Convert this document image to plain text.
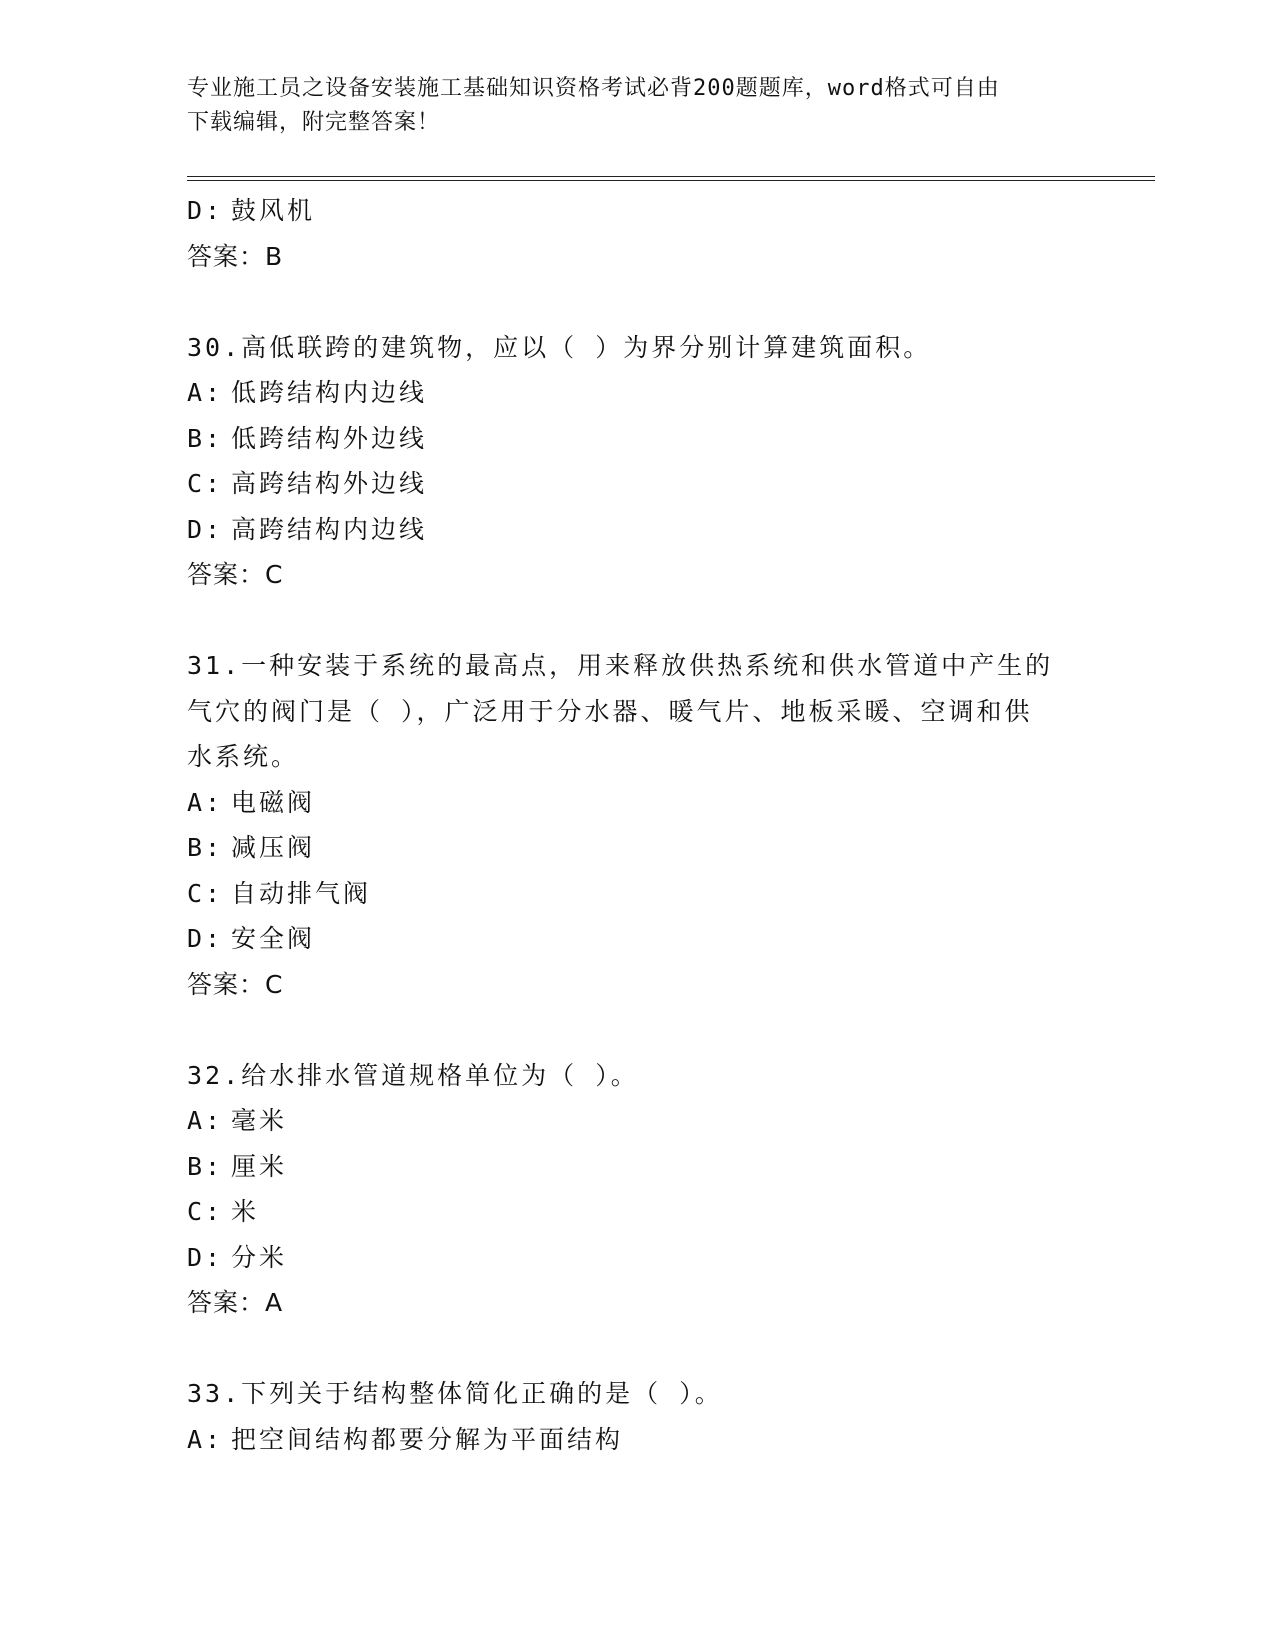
专业施工员之设备安装施工基础知识资格考试必背200题题库，word格式可自由
下载编辑，附完整答案！
D: 鼓风机
答案：B
30.高低联跨的建筑物，应以（ ）为界分别计算建筑面积。
A: 低跨结构内边线
B: 低跨结构外边线
C: 高跨结构外边线
D: 高跨结构内边线
答案：C
31.一种安装于系统的最高点，用来释放供热系统和供水管道中产生的
气穴的阀门是（ ），广泛用于分水器、暖气片、地板采暖、空调和供
水系统。
A: 电磁阀
B: 减压阀
C: 自动排气阀
D: 安全阀
答案：C
32.给水排水管道规格单位为（ ）。
A: 毫米
B: 厘米
C: 米
D: 分米
答案：A
33.下列关于结构整体简化正确的是（ ）。
A: 把空间结构都要分解为平面结构
